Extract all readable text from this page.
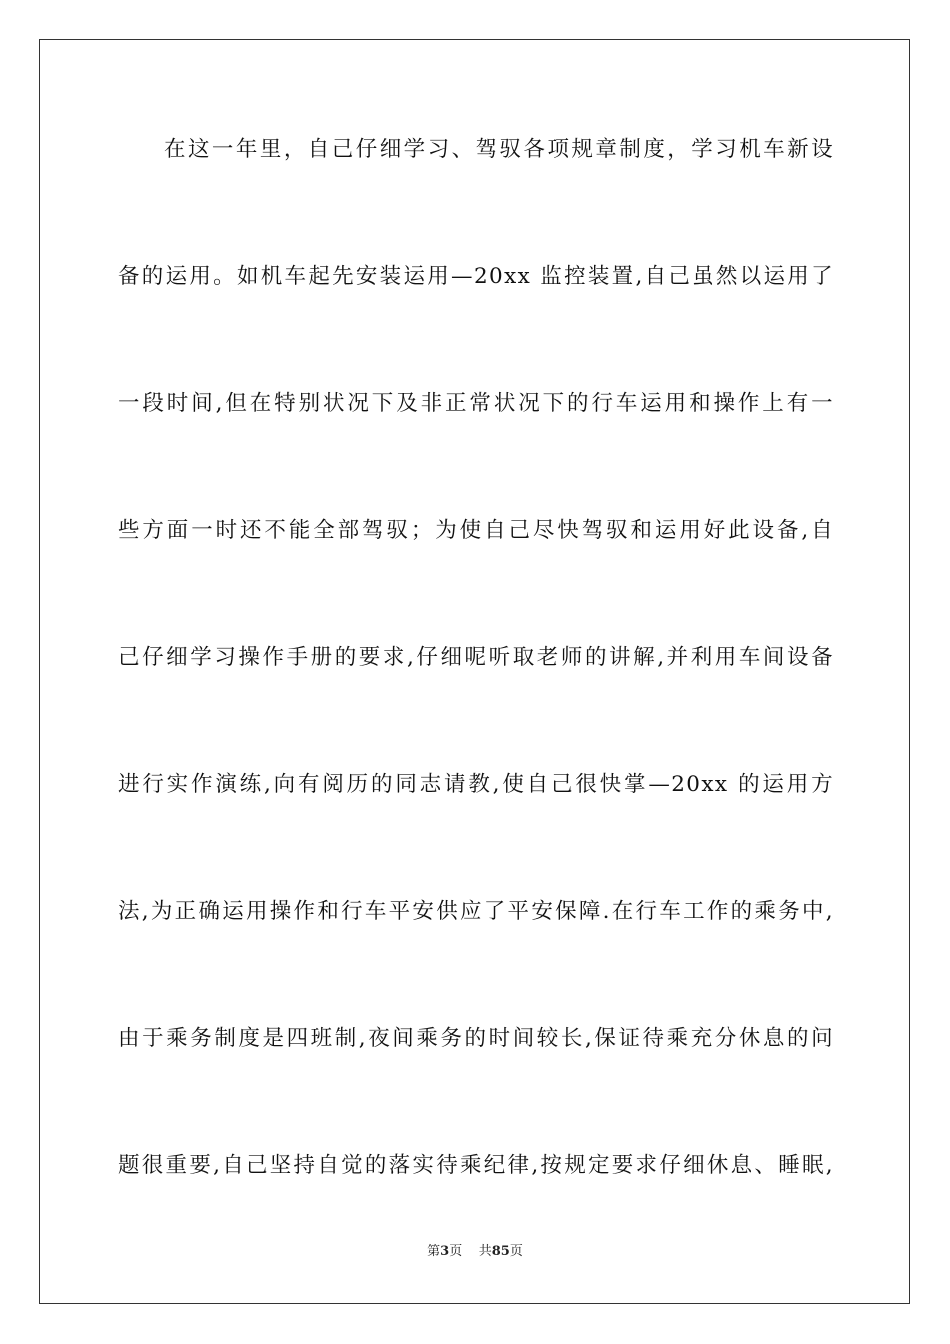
在这一年里，自己仔细学习、驾驭各项规章制度，学习机车新设
备的运用。如机车起先安装运用—20xx 监控装置,自己虽然以运用了
一段时间,但在特别状况下及非正常状况下的行车运用和操作上有一
些方面一时还不能全部驾驭；为使自己尽快驾驭和运用好此设备,自
己仔细学习操作手册的要求,仔细呢听取老师的讲解,并利用车间设备
进行实作演练,向有阅历的同志请教,使自己很快掌—20xx 的运用方
法,为正确运用操作和行车平安供应了平安保障.在行车工作的乘务中,
由于乘务制度是四班制,夜间乘务的时间较长,保证待乘充分休息的问
题很重要,自己坚持自觉的落实待乘纪律,按规定要求仔细休息、睡眠,
第3页 共85页
